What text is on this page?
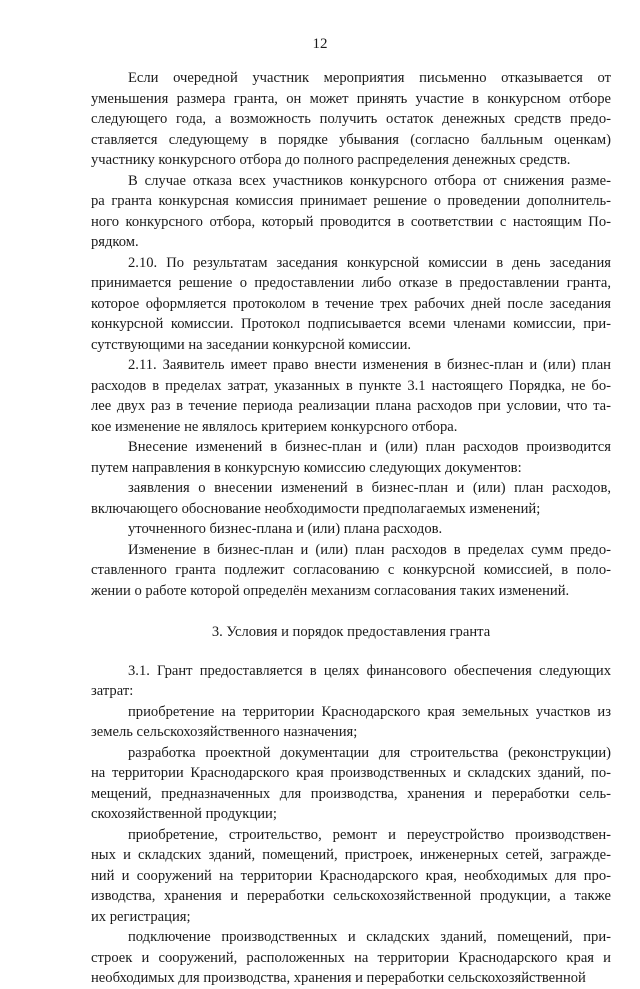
12
Если очередной участник мероприятия письменно отказывается от
уменьшения размера гранта, он может принять участие в конкурсном отборе
следующего года, а возможность получить остаток денежных средств предо-
ставляется следующему в порядке убывания (согласно балльным оценкам)
участнику конкурсного отбора до полного распределения денежных средств.
В случае отказа всех участников конкурсного отбора от снижения разме-
ра гранта конкурсная комиссия принимает решение о проведении дополнитель-
ного конкурсного отбора, который проводится в соответствии с настоящим По-
рядком.
2.10. По результатам заседания конкурсной комиссии в день заседания
принимается решение о предоставлении либо отказе в предоставлении гранта,
которое оформляется протоколом в течение трех рабочих дней после заседания
конкурсной комиссии. Протокол подписывается всеми членами комиссии, при-
сутствующими на заседании конкурсной комиссии.
2.11. Заявитель имеет право внести изменения в бизнес-план и (или) план
расходов в пределах затрат, указанных в пункте 3.1 настоящего Порядка, не бо-
лее двух раз в течение периода реализации плана расходов при условии, что та-
кое изменение не являлось критерием конкурсного отбора.
Внесение изменений в бизнес-план и (или) план расходов производится
путем направления в конкурсную комиссию следующих документов:
заявления о внесении изменений в бизнес-план и (или) план расходов,
включающего обоснование необходимости предполагаемых изменений;
уточненного бизнес-плана и (или) плана расходов.
Изменение в бизнес-план и (или) план расходов в пределах сумм предо-
ставленного гранта подлежит согласованию с конкурсной комиссией, в поло-
жении о работе которой определён механизм согласования таких изменений.
3. Условия и порядок предоставления гранта
3.1. Грант предоставляется в целях финансового обеспечения следующих
затрат:
приобретение на территории Краснодарского края земельных участков из
земель сельскохозяйственного назначения;
разработка проектной документации для строительства (реконструкции)
на территории Краснодарского края производственных и складских зданий, по-
мещений, предназначенных для производства, хранения и переработки сель-
скохозяйственной продукции;
приобретение, строительство, ремонт и переустройство производствен-
ных и складских зданий, помещений, пристроек, инженерных сетей, загражде-
ний и сооружений на территории Краснодарского края, необходимых для про-
изводства, хранения и переработки сельскохозяйственной продукции, а также
их регистрация;
подключение производственных и складских зданий, помещений, при-
строек и сооружений, расположенных на территории Краснодарского края и
необходимых для производства, хранения и переработки сельскохозяйственной
